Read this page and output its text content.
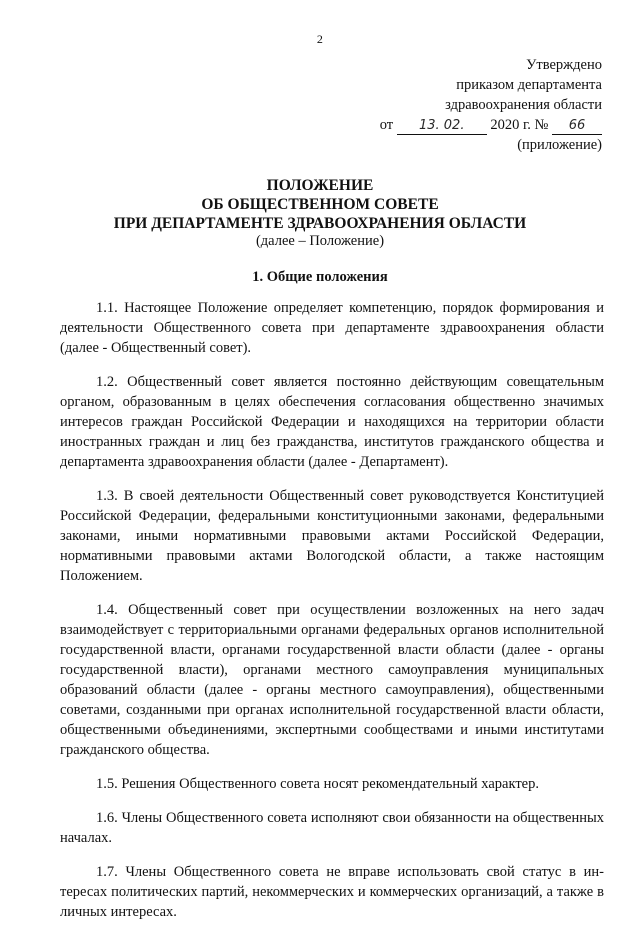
2
Утверждено
приказом департамента
здравоохранения области
от 13. 02. 2020 г. № 66
(приложение)
ПОЛОЖЕНИЕ
ОБ ОБЩЕСТВЕННОМ СОВЕТЕ
ПРИ ДЕПАРТАМЕНТЕ ЗДРАВООХРАНЕНИЯ ОБЛАСТИ
(далее – Положение)
1. Общие положения

1.1. Настоящее Положение определяет компетенцию, порядок формирования и деятельности Общественного совета при департаменте здравоохранения области (далее - Общественный совет).

1.2. Общественный совет является постоянно действующим совещательным органом, образованным в целях обеспечения согласования общественно значимых интересов граждан Российской Федерации и находящихся на территории области иностранных граждан и лиц без гражданства, институтов гражданского общества и департамента здравоохранения области (далее - Департамент).

1.3. В своей деятельности Общественный совет руководствуется Конституцией Российской Федерации, федеральными конституционными законами, федеральными законами, иными нормативными правовыми актами Российской Федерации, нормативными правовыми актами Вологодской области, а также настоящим Положением.

1.4. Общественный совет при осуществлении возложенных на него задач взаимодействует с территориальными органами федеральных органов исполнительной государственной власти, органами государственной власти области (далее - органы государственной власти), органами местного самоуправления муниципальных образований области (далее - органы местного самоуправления), общественными советами, созданными при органах исполнительной государственной власти области, общественными объединениями, экспертными сообществами и иными институтами гражданского общества.

1.5. Решения Общественного совета носят рекомендательный характер.

1.6. Члены Общественного совета исполняют свои обязанности на общественных началах.

1.7. Члены Общественного совета не вправе использовать свой статус в интересах политических партий, некоммерческих и коммерческих организаций, а также в личных интересах.
